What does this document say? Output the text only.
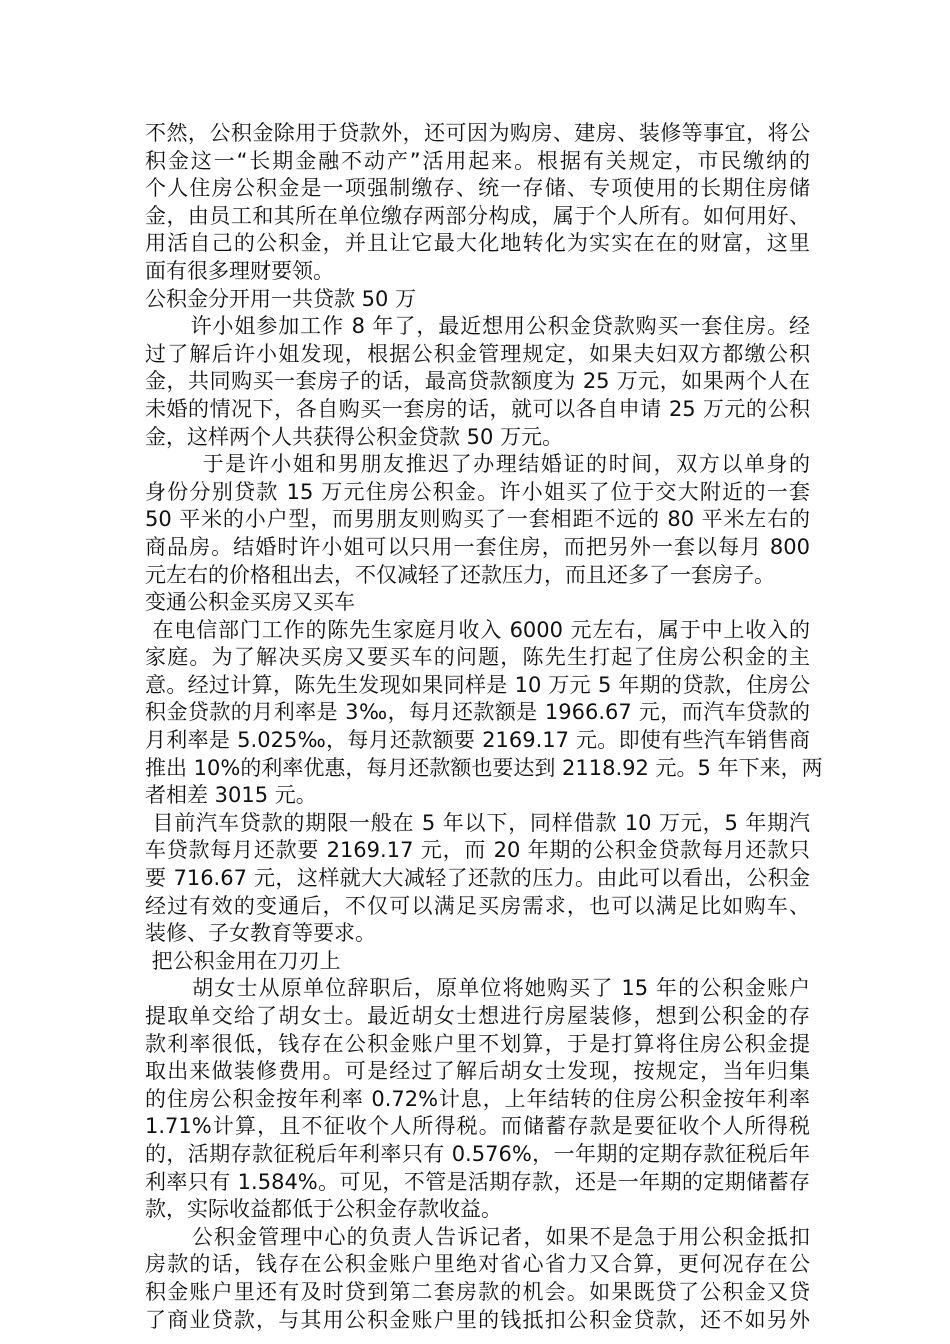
不然，公积金除用于贷款外，还可因为购房、建房、装修等事宜，将公
积金这一“长期金融不动产”活用起来。根据有关规定，市民缴纳的
个人住房公积金是一项强制缴存、统一存储、专项使用的长期住房储
金，由员工和其所在单位缴存两部分构成，属于个人所有。如何用好、
用活自己的公积金，并且让它最大化地转化为实实在在的财富，这里
面有很多理财要领。
公积金分开用一共贷款 50 万
许小姐参加工作 8 年了，最近想用公积金贷款购买一套住房。经
过了解后许小姐发现，根据公积金管理规定，如果夫妇双方都缴公积
金，共同购买一套房子的话，最高贷款额度为 25 万元，如果两个人在
未婚的情况下，各自购买一套房的话，就可以各自申请 25 万元的公积
金，这样两个人共获得公积金贷款 50 万元。
于是许小姐和男朋友推迟了办理结婚证的时间，双方以单身的
身份分别贷款 15 万元住房公积金。许小姐买了位于交大附近的一套
50 平米的小户型，而男朋友则购买了一套相距不远的 80 平米左右的
商品房。结婚时许小姐可以只用一套住房，而把另外一套以每月 800
元左右的价格租出去，不仅减轻了还款压力，而且还多了一套房子。
变通公积金买房又买车
在电信部门工作的陈先生家庭月收入 6000 元左右，属于中上收入的
家庭。为了解决买房又要买车的问题，陈先生打起了住房公积金的主
意。经过计算，陈先生发现如果同样是 10 万元 5 年期的贷款，住房公
积金贷款的月利率是 3‰，每月还款额是 1966.67 元，而汽车贷款的
月利率是 5.025‰，每月还款额要 2169.17 元。即使有些汽车销售商
推出 10%的利率优惠，每月还款额也要达到 2118.92 元。5 年下来，两
者相差 3015 元。
目前汽车贷款的期限一般在 5 年以下，同样借款 10 万元，5 年期汽
车贷款每月还款要 2169.17 元，而 20 年期的公积金贷款每月还款只
要 716.67 元，这样就大大减轻了还款的压力。由此可以看出，公积金
经过有效的变通后，不仅可以满足买房需求，也可以满足比如购车、
装修、子女教育等要求。
把公积金用在刀刃上
胡女士从原单位辞职后，原单位将她购买了 15 年的公积金账户
提取单交给了胡女士。最近胡女士想进行房屋装修，想到公积金的存
款利率很低，钱存在公积金账户里不划算，于是打算将住房公积金提
取出来做装修费用。可是经过了解后胡女士发现，按规定，当年归集
的住房公积金按年利率 0.72%计息，上年结转的住房公积金按年利率
1.71%计算，且不征收个人所得税。而储蓄存款是要征收个人所得税
的，活期存款征税后年利率只有 0.576%，一年期的定期存款征税后年
利率只有 1.584%。可见，不管是活期存款，还是一年期的定期储蓄存
款，实际收益都低于公积金存款收益。
公积金管理中心的负责人告诉记者，如果不是急于用公积金抵扣
房款的话，钱存在公积金账户里绝对省心省力又合算，更何况存在公
积金账户里还有及时贷到第二套房款的机会。如果既贷了公积金又贷
了商业贷款，与其用公积金账户里的钱抵扣公积金贷款，还不如另外
